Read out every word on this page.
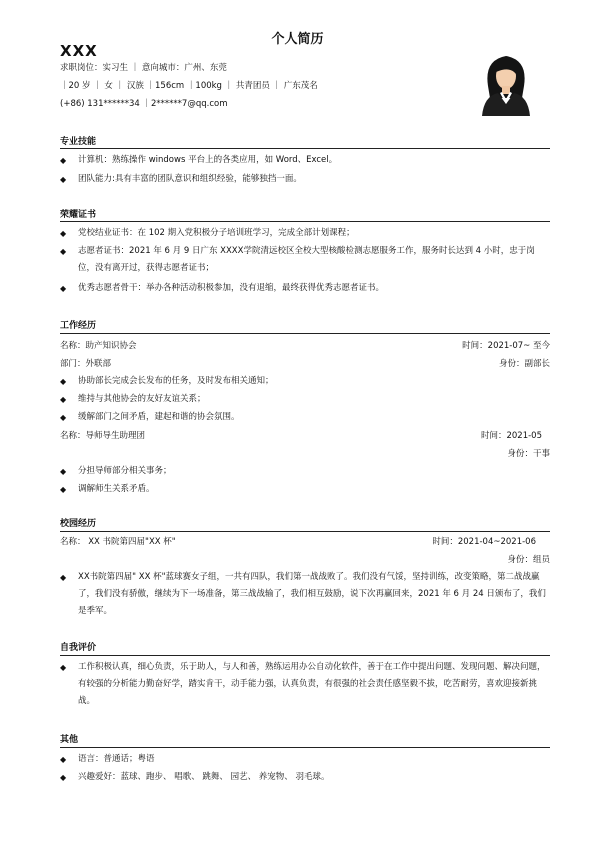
个人简历
XXX
求职岗位：实习生 ｜ 意向城市：广州、东莞
｜20 岁 ｜ 女 ｜ 汉族 ｜156cm ｜100kg ｜ 共青团员 ｜ 广东茂名
(+86) 131******34 ｜2******7@qq.com
专业技能
◆	计算机：熟练操作 windows 平台上的各类应用，如 Word、Excel。
◆	团队能力:具有丰富的团队意识和组织经验，能够独挡一面。
荣耀证书
◆	党校结业证书：在 102 期入党积极分子培训班学习，完成全部计划课程；
◆	志愿者证书：2021 年 6 月 9 日广东 XXXX学院清远校区全校大型核酸检测志愿服务工作，服务时长达到 4 小时，忠于岗位，没有离开过，获得志愿者证书；
◆	优秀志愿者骨干：举办各种活动积极参加，没有退缩，最终获得优秀志愿者证书。
工作经历
名称：助产知识协会	时间：2021-07~ 至今
部门：外联部	身份：副部长
◆	协助部长完成会长发布的任务，及时发布相关通知；
◆	维持与其他协会的友好友谊关系；
◆	缓解部门之间矛盾，建起和谐的协会氛围。
名称：导师导生助理团	时间：2021-05
身份：干事
◆	分担导师部分相关事务；
◆	调解师生关系矛盾。
校园经历
名称： XX 书院第四届"XX 杯"	时间：2021-04~2021-06
身份：组员
◆	XX书院第四届" XX 杯"蓝球赛女子组，一共有四队，我们第一战战败了。我们没有气馁，坚持训练，改变策略，第二战战赢了，我们没有骄傲，继续为下一场准备，第三战战输了，我们相互鼓励，说下次再赢回来，2021 年 6 月 24 日颁布了，我们是季军。
自我评价
◆	工作积极认真，细心负责，乐于助人，与人和善，熟练运用办公自动化软件，善于在工作中提出问题、发现问题、解决问题，有较强的分析能力勤奋好学，踏实肯干，动手能力强，认真负责，有很强的社会责任感坚毅不拔，吃苦耐劳，喜欢迎接新挑战。
其他
◆	语言：普通话；粤语
◆	兴趣爱好：蓝球、跑步、 唱歌、 跳舞、 园艺、 养宠物、 羽毛球。
